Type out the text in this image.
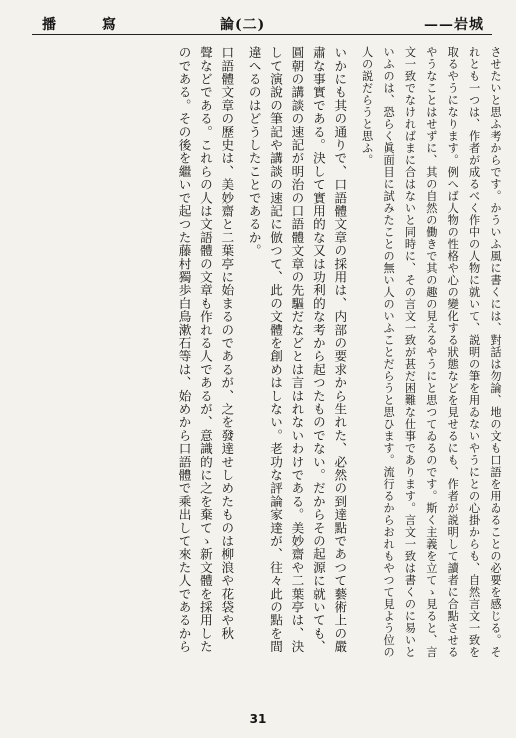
播　　　寫	論(二)	——岩城
させたいと思ふ考からです。かういふ風に書くには、對話は勿論、地の文も口語を用ゐることの必要を感じる。そ
れとも一つは、作者が成るべく作中の人物に就いて、説明の筆を用ゐないやうにとの心掛からも、自然言文一致を
取るやうになります。例へば人物の性格や心の變化する狀態などを見せるにも、作者が説明して讀者に合點させる
やうなことはせずに、其の自然の働きで其の趣の見えるやうにと思つてゐるのです。斯く主義を立てゝ見ると、言
文一致でなければまに合はないと同時に、その言文一致が甚だ困難な仕事であります。言文一致は書くのに易いと
いふのは、恐らく眞面目に試みたことの無い人のいふことだらうと思ひます。流行るからおれもやつて見よう位の
人の説だらうと思ふ。
いかにも其の通りで、口語體文章の採用は、内部の要求から生れた、必然の到達點であつて藝術上の嚴
肅な事實である。決して實用的な又は功利的な考から起つたものでない。だからその起源に就いても、
圓朝の講談の速記が明治の口語體文章の先驅だなどとは言はれないわけである。美妙齋や二葉亭は、決
して演說の筆記や講談の速記に倣つて、此の文體を創めはしない。老功な評論家達が、往々此の點を間
違へるのはどうしたことであるか。
口語體文章の歷史は、美妙齋と二葉亭に始まるのであるが、之を發達せしめたものは柳浪や花袋や秋
聲などである。これらの人は文語體の文章も作れる人であるが、意識的に之を棄てゝ新文體を採用した
のである。その後を繼いで起つた藤村獨歩白鳥漱石等は、始めから口語體で乘出して來た人であるから
31
